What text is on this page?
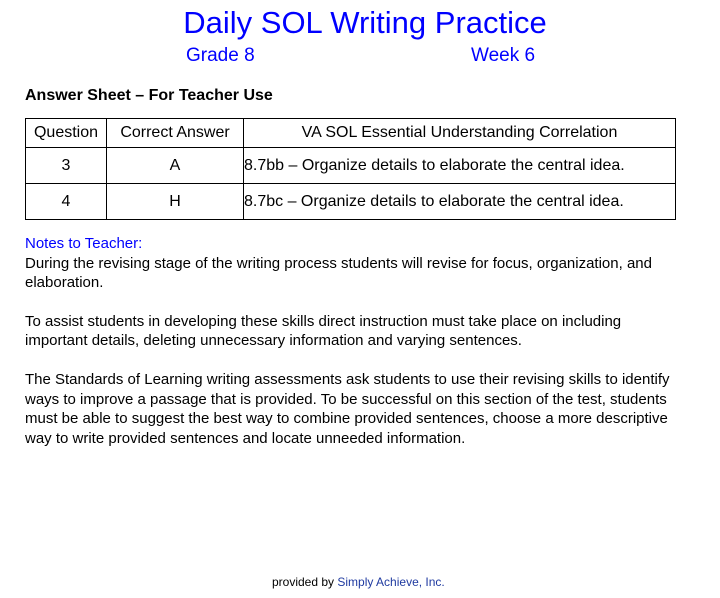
Daily SOL Writing Practice
Grade 8	Week 6
Answer Sheet – For Teacher Use
Question	Correct Answer	VA SOL Essential Understanding Correlation
3	A	8.7bb – Organize details to elaborate the central idea.
4	H	8.7bc – Organize details to elaborate the central idea.

Notes to Teacher:
During the revising stage of the writing process students will revise for focus, organization, and elaboration.

To assist students in developing these skills direct instruction must take place on including important details, deleting unnecessary information and varying sentences.

The Standards of Learning writing assessments ask students to use their revising skills to identify ways to improve a passage that is provided. To be successful on this section of the test, students must be able to suggest the best way to combine provided sentences, choose a more descriptive way to write provided sentences and locate unneeded information.

provided by Simply Achieve, Inc.
